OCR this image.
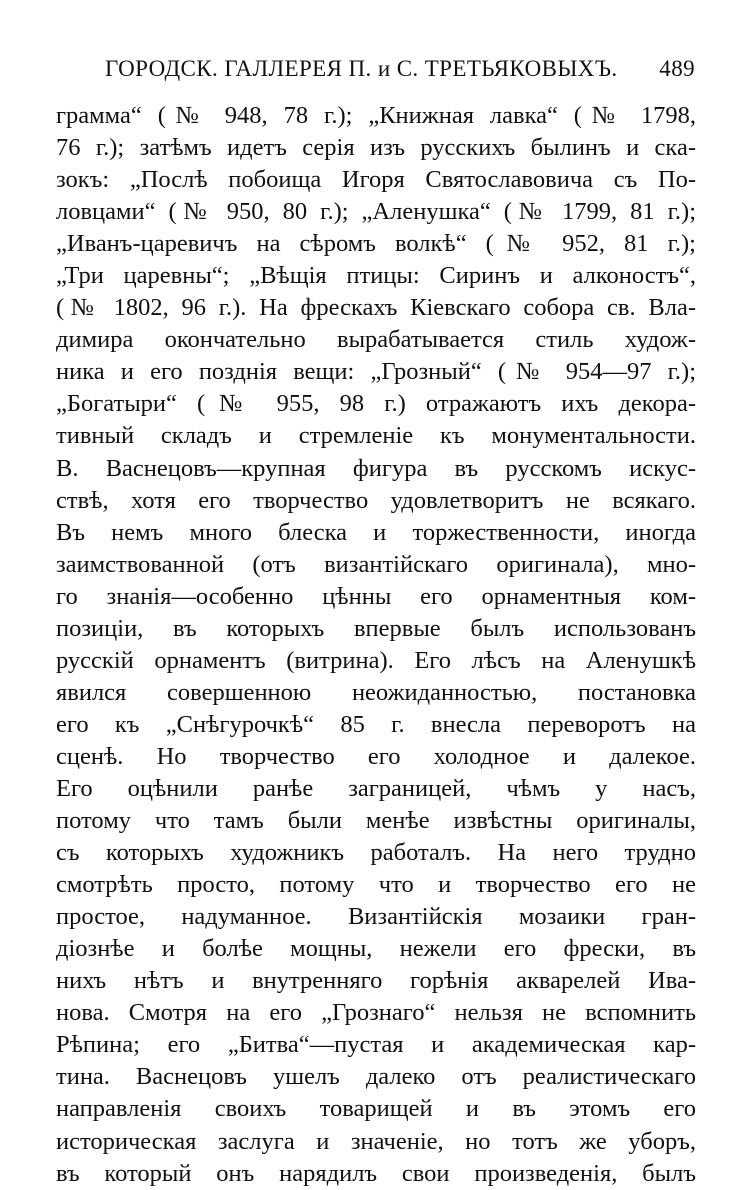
ГОРОДСК. ГАЛЛЕРЕЯ П. и С. ТРЕТЬЯКОВЫХЪ. 489
грамма“ (№ 948, 78 г.); „Книжная лавка“ (№ 1798,
76 г.); затѣмъ идетъ серія изъ русскихъ былинъ и ска-
зокъ: „Послѣ побоища Игоря Святославовича съ По-
ловцами“ (№ 950, 80 г.); „Аленушка“ (№ 1799, 81 г.);
„Иванъ-царевичъ на сѣромъ волкѣ“ (№ 952, 81 г.);
„Три царевны“; „Вѣщія птицы: Сиринъ и алконостъ“,
(№ 1802, 96 г.). На фрескахъ Кіевскаго собора св. Вла-
димира окончательно вырабатывается стиль худож-
ника и его позднія вещи: „Грозный“ (№ 954—97 г.);
„Богатыри“ (№ 955, 98 г.) отражаютъ ихъ декора-
тивный складъ и стремленіе къ монументальности.
В. Васнецовъ—крупная фигура въ русскомъ искус-
ствѣ, хотя его творчество удовлетворитъ не всякаго.
Въ немъ много блеска и торжественности, иногда
заимствованной (отъ византійскаго оригинала), мно-
го знанія—особенно цѣнны его орнаментныя ком-
позиціи, въ которыхъ впервые былъ использованъ
русскій орнаментъ (витрина). Его лѣсъ на Аленушкѣ
явился совершенною неожиданностью, постановка
его къ „Снѣгурочкѣ“ 85 г. внесла переворотъ на
сценѣ. Но творчество его холодное и далекое.
Его оцѣнили ранѣе заграницей, чѣмъ у насъ,
потому что тамъ были менѣе извѣстны оригиналы,
съ которыхъ художникъ работалъ. На него трудно
смотрѣть просто, потому что и творчество его не
простое, надуманное. Византійскія мозаики гран-
діознѣе и болѣе мощны, нежели его фрески, въ
нихъ нѣтъ и внутренняго горѣнія акварелей Ива-
нова. Смотря на его „Грознаго“ нельзя не вспомнить
Рѣпина; его „Битва“—пустая и академическая кар-
тина. Васнецовъ ушелъ далеко отъ реалистическаго
направленія своихъ товарищей и въ этомъ его
историческая заслуга и значеніе, но тотъ же уборъ,
въ который онъ нарядилъ свои произведенія, былъ
